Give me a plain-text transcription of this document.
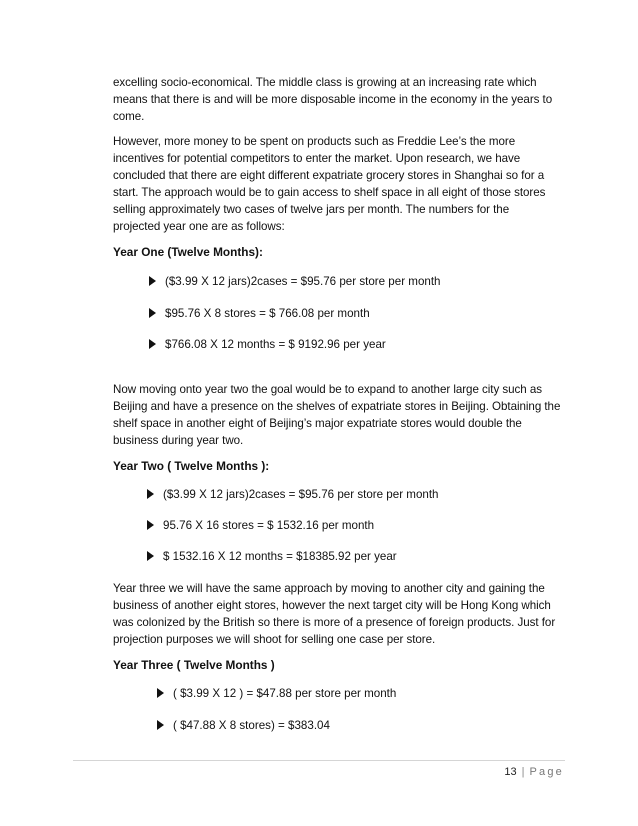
excelling socio-economical. The middle class is growing at an increasing rate which
means that there is and will be more disposable income in the economy in the years to
come.

However, more money to be spent on products such as Freddie Lee’s the more
incentives for potential competitors to enter the market. Upon research, we have
concluded that there are eight different expatriate grocery stores in Shanghai so for a
start. The approach would be to gain access to shelf space in all eight of those stores
selling approximately two cases of twelve jars per month. The numbers for the
projected year one are as follows:

Year One (Twelve Months):

($3.99 X 12 jars)2cases = $95.76 per store per month
$95.76 X 8 stores = $ 766.08 per month
$766.08 X 12 months = $ 9192.96 per year

Now moving onto year two the goal would be to expand to another large city such as
Beijing and have a presence on the shelves of expatriate stores in Beijing. Obtaining the
shelf space in another eight of Beijing’s major expatriate stores would double the
business during year two.

Year Two ( Twelve Months ):

($3.99 X 12 jars)2cases = $95.76 per store per month
95.76 X 16 stores = $ 1532.16 per month
$ 1532.16 X 12 months = $18385.92 per year

Year three we will have the same approach by moving to another city and gaining the
business of another eight stores, however the next target city will be Hong Kong which
was colonized by the British so there is more of a presence of foreign products. Just for
projection purposes we will shoot for selling one case per store.

Year Three ( Twelve Months )

( $3.99 X 12 ) = $47.88 per store per month
( $47.88 X 8 stores) = $383.04
13 | Page
